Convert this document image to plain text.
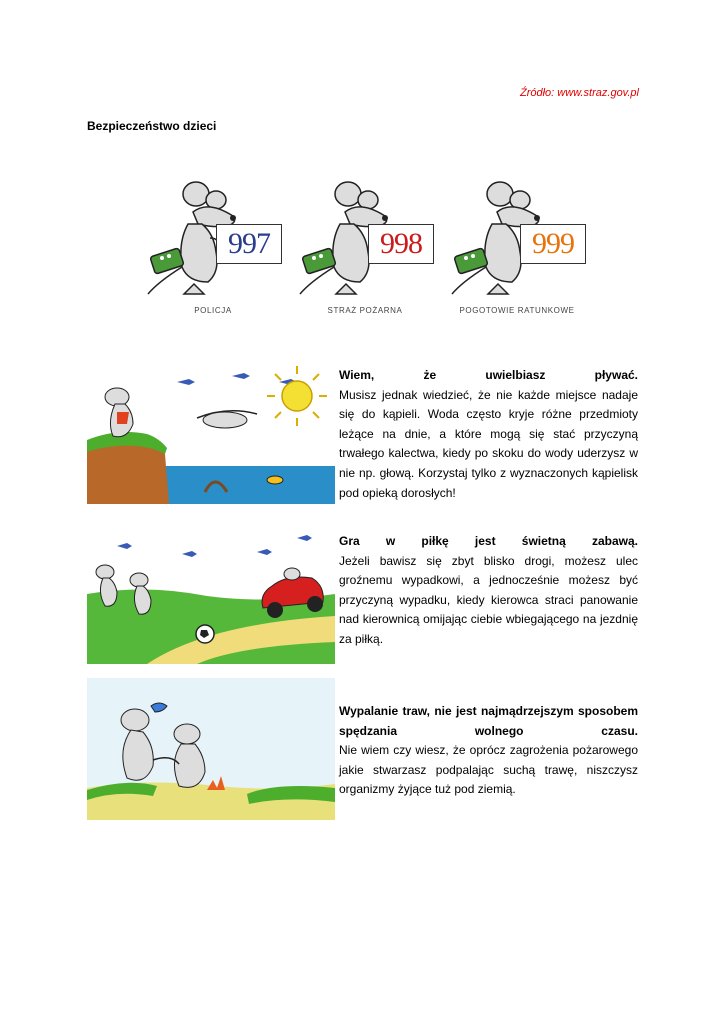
Źródło: www.straz.gov.pl
Bezpieczeństwo dzieci
997
POLICJA
998
STRAŻ POŻARNA
999
POGOTOWIE RATUNKOWE
Wiem, że uwielbiasz pływać.
Musisz jednak wiedzieć, że nie każde miejsce nadaje się do kąpieli. Woda często kryje różne przedmioty leżące na dnie, a które mogą się stać przyczyną trwałego kalectwa, kiedy po skoku do wody uderzysz w nie np. głową. Korzystaj tylko z wyznaczonych kąpielisk pod opieką dorosłych!
Gra w piłkę jest świetną zabawą.
Jeżeli bawisz się zbyt blisko drogi, możesz ulec groźnemu wypadkowi, a jednocześnie możesz być przyczyną wypadku, kiedy kierowca straci panowanie nad kierownicą omijając ciebie wbiegającego na jezdnię za piłką.
Wypalanie traw, nie jest najmądrzejszym sposobem spędzania wolnego czasu.
Nie wiem czy wiesz, że oprócz zagrożenia pożarowego jakie stwarzasz podpalając suchą trawę, niszczysz organizmy żyjące tuż pod ziemią.
